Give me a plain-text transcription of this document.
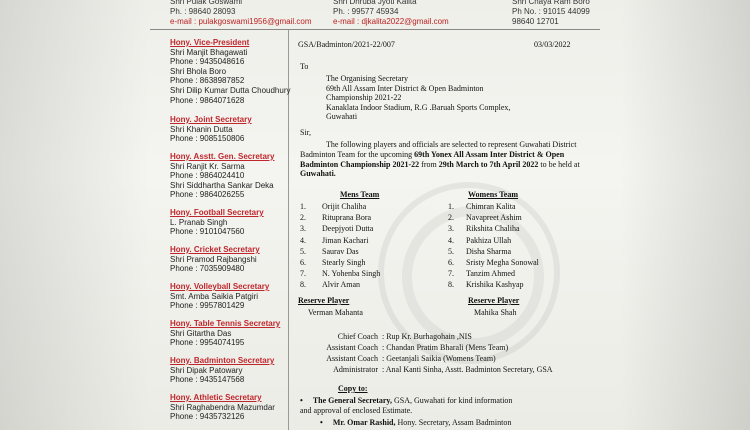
Shri Pulak Goswami
Ph. : 98640 28093
e-mail : pulakgoswami1956@gmail.com
Shri Dhruba Jyoti Kalita
Ph. : 99577 45934
e-mail : djkalita2022@gmail.com
Shri Chaya Ram Boro
Ph No. : 91015 44099
98640 12701
Hony. Vice-President
Shri Manjit Bhagawati
Phone : 9435048616
Shri Bhola Boro
Phone : 8638987852
Shri Dilip Kumar Dutta Choudhury
Phone : 9864071628
Hony. Joint Secretary
Shri Khanin Dutta
Phone : 9085150806
Hony. Asstt. Gen. Secretary
Shri Ranjit Kr. Sarma
Phone : 9864024410
Shri Siddhartha Sankar Deka
Phone : 9864026255
Hony. Football Secretary
L. Pranab Singh
Phone : 9101047560
Hony. Cricket Secretary
Shri Pramod Rajbangshi
Phone : 7035909480
Hony. Volleyball Secretary
Smt. Amba Saikia Patgiri
Phone : 9957801429
Hony. Table Tennis Secretary
Shri Gitartha Das
Phone : 9954074195
Hony. Badminton Secretary
Shri Dipak Patowary
Phone : 9435147568
Hony. Athletic Secretary
Shri Raghabendra Mazumdar
Phone : 9435732126
GSA/Badminton/2021-22/007	03/03/2022
To
The Organising Secretary
69th All Assam Inter District & Open Badminton
Championship 2021-22
Kanaklata Indoor Stadium, R.G .Baruah Sports Complex,
Guwahati
Sir,
The following players and officials are selected to represent Guwahati District Badminton Team for the upcoming 69th Yonex All Assam Inter District & Open Badminton Championship 2021-22 from 29th March to 7th April 2022 to be held at Guwahati.
Mens Team	Womens Team
Reserve Player
Verman Mahanta
Reserve Player
Mahika Shah
1. Orijit Chaliha
2. Rituprana Bora
3. Deepjyoti Dutta
4. Jiman Kachari
5. Saurav Das
6. Stearly Singh
7. N. Yohenba Singh
8. Alvir Aman
1. Chimran Kalita
2. Navapreet Ashim
3. Rikshita Chaliha
4. Pakhiza Ullah
5. Disha Sharma
6. Sristy Megha Sonowal
7. Tanzim Ahmed
8. Krishika Kashyap
Chief Coach : Rup Kr. Burhagohain ,NIS
Assistant Coach : Chandan Pratim Bharali (Mens Team)
Assistant Coach : Geetanjali Saikia (Womens Team)
Administrator : Anal Kanti Sinha, Asstt. Badminton Secretary, GSA
Copy to:
• The General Secretary, GSA, Guwahati for kind information
and approval of enclosed Estimate.
• Mr. Omar Rashid, Hony. Secretary, Assam Badminton
